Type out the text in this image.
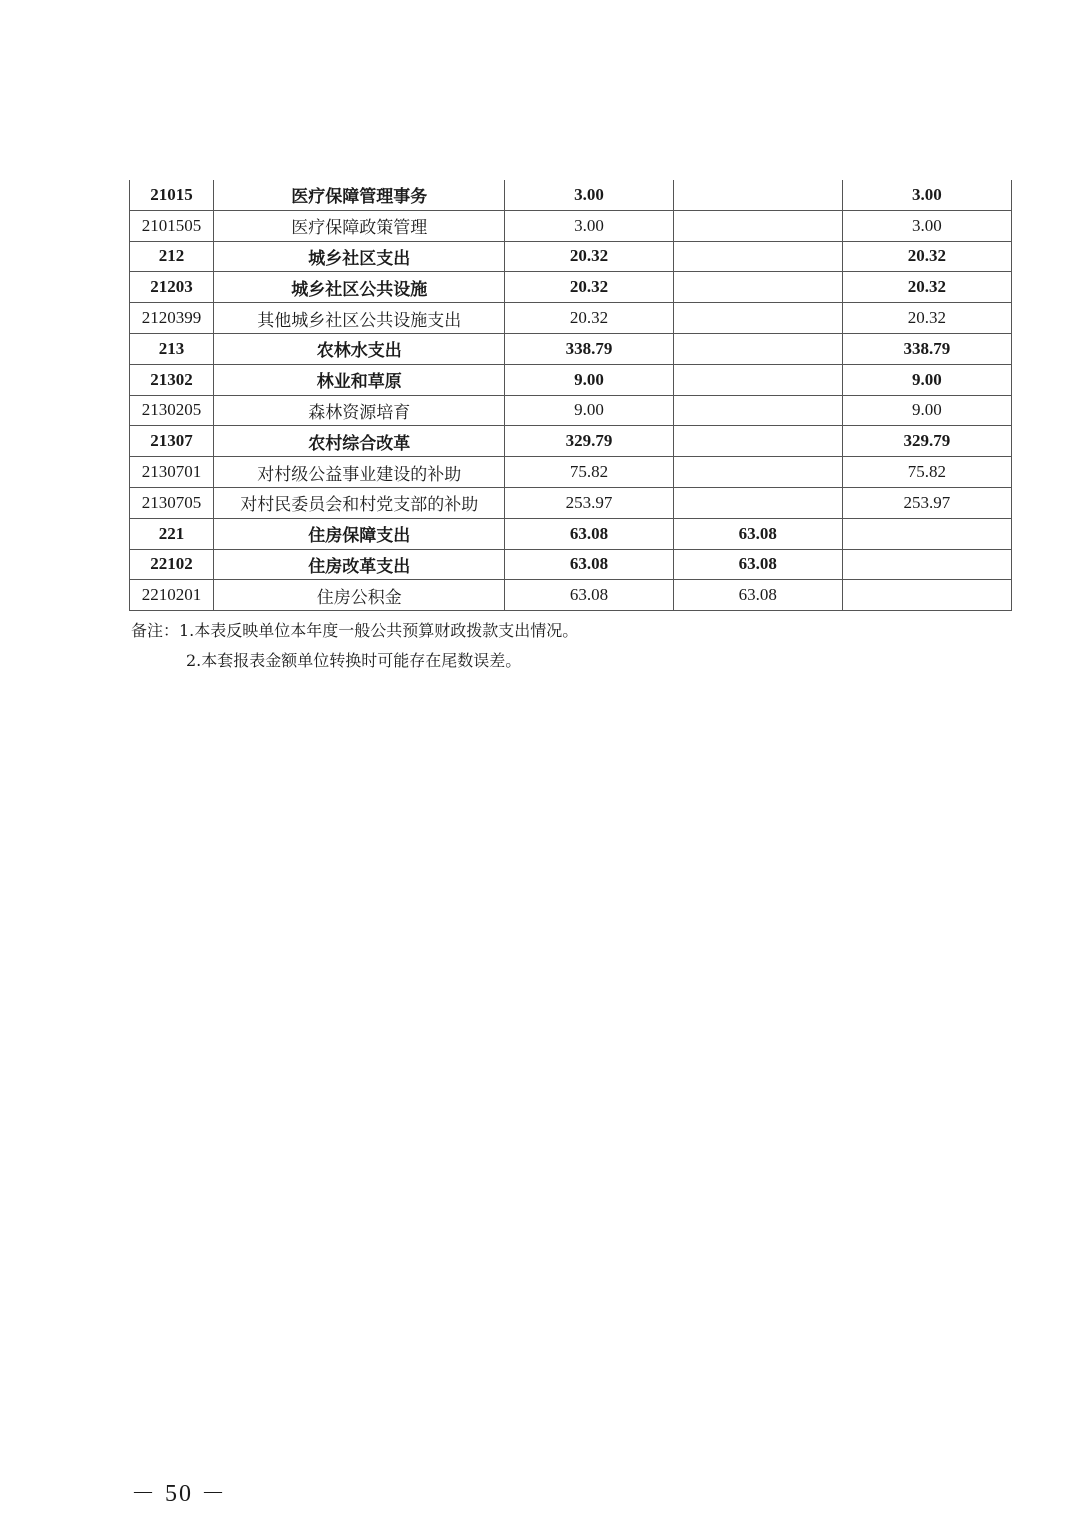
21015	医疗保障管理事务	3.00		3.00
2101505	医疗保障政策管理	3.00		3.00
212	城乡社区支出	20.32		20.32
21203	城乡社区公共设施	20.32		20.32
2120399	其他城乡社区公共设施支出	20.32		20.32
213	农林水支出	338.79		338.79
21302	林业和草原	9.00		9.00
2130205	森林资源培育	9.00		9.00
21307	农村综合改革	329.79		329.79
2130701	对村级公益事业建设的补助	75.82		75.82
2130705	对村民委员会和村党支部的补助	253.97		253.97
221	住房保障支出	63.08	63.08	
22102	住房改革支出	63.08	63.08	
2210201	住房公积金	63.08	63.08	
备注：1.本表反映单位本年度一般公共预算财政拨款支出情况。
2.本套报表金额单位转换时可能存在尾数误差。
－ 50 －
